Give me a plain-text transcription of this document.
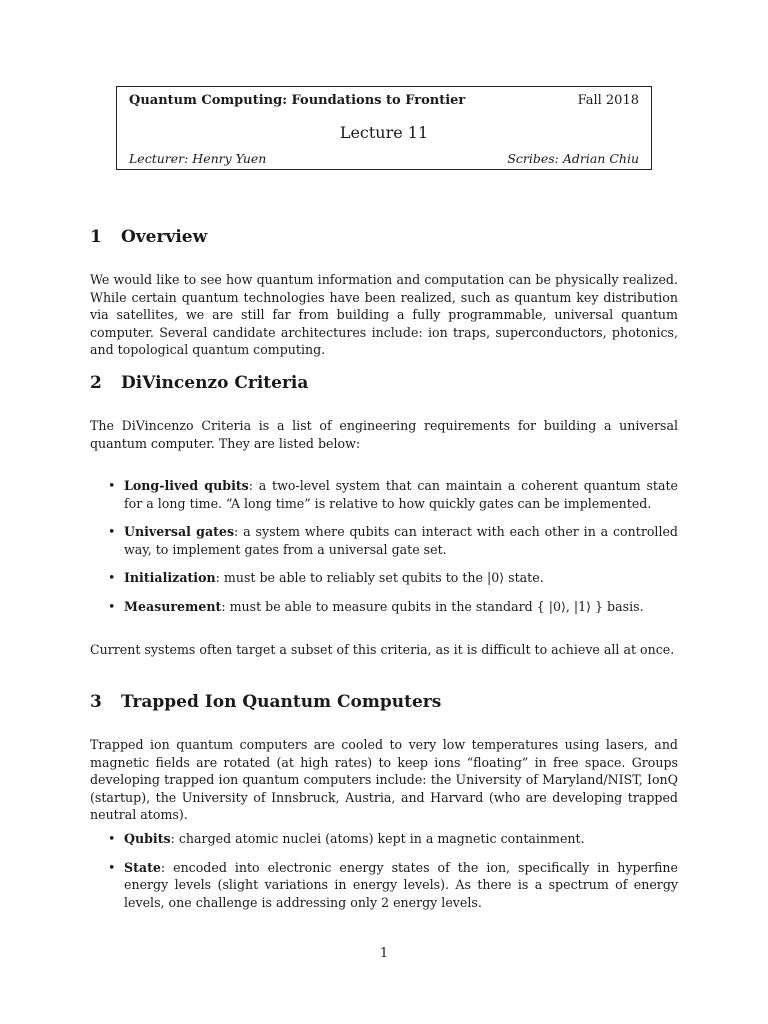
Quantum Computing: Foundations to Frontier	Fall 2018
Lecture 11
Lecturer: Henry Yuen	Scribes: Adrian Chiu
1 Overview

We would like to see how quantum information and computation can be physically realized. While certain quantum technologies have been realized, such as quantum key distribution via satellites, we are still far from building a fully programmable, universal quantum computer. Several candidate architectures include: ion traps, superconductors, photonics, and topological quantum computing.

2 DiVincenzo Criteria

The DiVincenzo Criteria is a list of engineering requirements for building a universal quantum computer. They are listed below:

• Long-lived qubits: a two-level system that can maintain a coherent quantum state for a long time. “A long time” is relative to how quickly gates can be implemented.
• Universal gates: a system where qubits can interact with each other in a controlled way, to implement gates from a universal gate set.
• Initialization: must be able to reliably set qubits to the |0⟩ state.
• Measurement: must be able to measure qubits in the standard { |0⟩, |1⟩ } basis.

Current systems often target a subset of this criteria, as it is difficult to achieve all at once.

3 Trapped Ion Quantum Computers

Trapped ion quantum computers are cooled to very low temperatures using lasers, and magnetic fields are rotated (at high rates) to keep ions “floating” in free space. Groups developing trapped ion quantum computers include: the University of Maryland/NIST, IonQ (startup), the University of Innsbruck, Austria, and Harvard (who are developing trapped neutral atoms).

• Qubits: charged atomic nuclei (atoms) kept in a magnetic containment.
• State: encoded into electronic energy states of the ion, specifically in hyperfine energy levels (slight variations in energy levels). As there is a spectrum of energy levels, one challenge is addressing only 2 energy levels.
1
